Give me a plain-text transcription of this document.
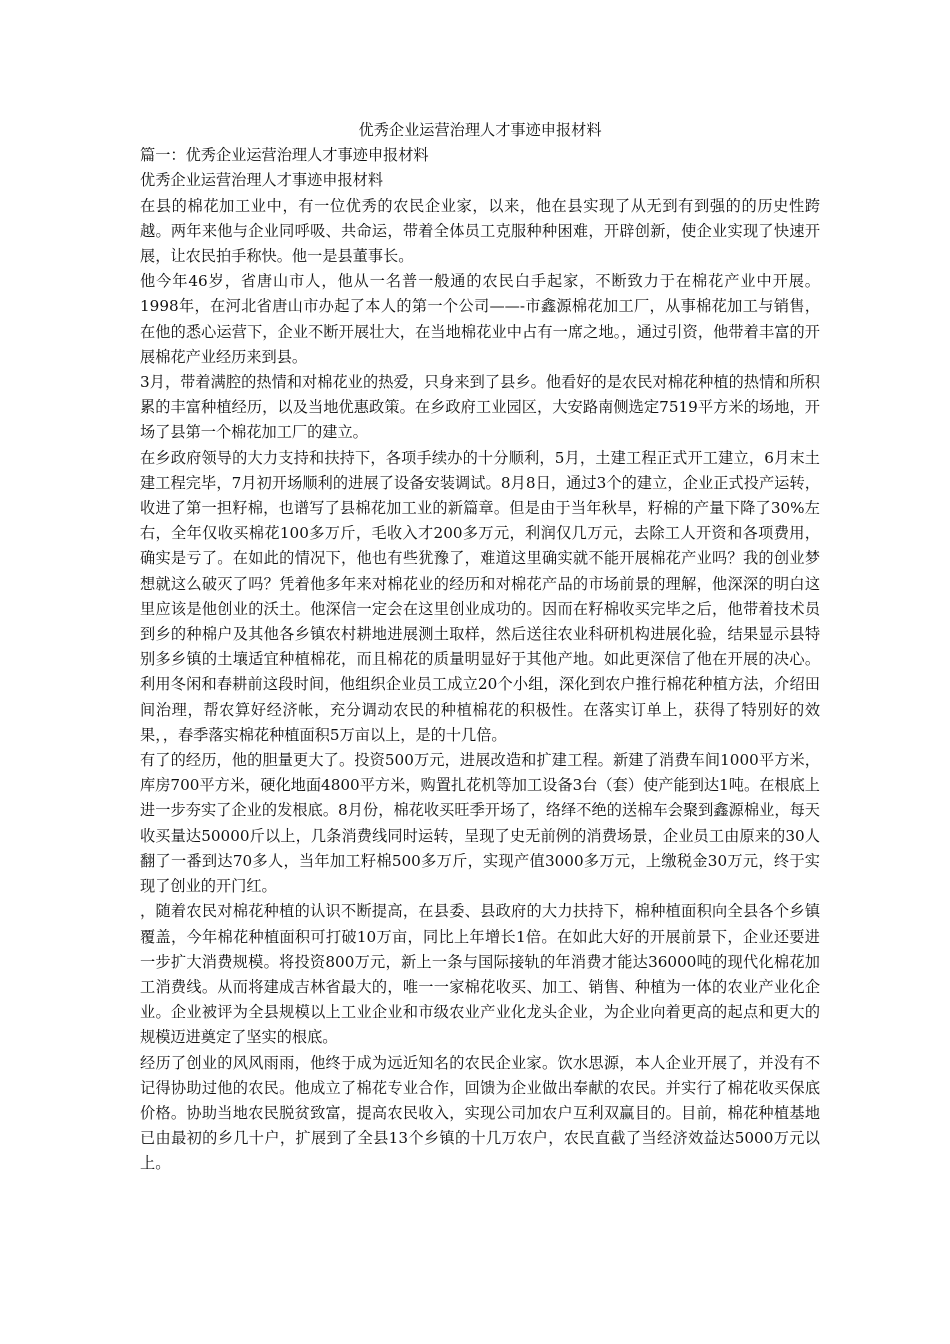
优秀企业运营治理人才事迹申报材料

篇一：优秀企业运营治理人才事迹申报材料

优秀企业运营治理人才事迹申报材料

在县的棉花加工业中，有一位优秀的农民企业家，以来，他在县实现了从无到有到强的的历史性跨越。两年来他与企业同呼吸、共命运，带着全体员工克服种种困难，开辟创新，使企业实现了快速开展，让农民拍手称快。他一是县董事长。

他今年46岁，省唐山市人，他从一名普一般通的农民白手起家，不断致力于在棉花产业中开展。1998年，在河北省唐山市办起了本人的第一个公司——-市鑫源棉花加工厂，从事棉花加工与销售，在他的悉心运营下，企业不断开展壮大，在当地棉花业中占有一席之地。，通过引资，他带着丰富的开展棉花产业经历来到县。

3月，带着满腔的热情和对棉花业的热爱，只身来到了县乡。他看好的是农民对棉花种植的热情和所积累的丰富种植经历，以及当地优惠政策。在乡政府工业园区，大安路南侧选定7519平方米的场地，开场了县第一个棉花加工厂的建立。

在乡政府领导的大力支持和扶持下，各项手续办的十分顺利，5月，土建工程正式开工建立，6月末土建工程完毕，7月初开场顺利的进展了设备安装调试。8月8日，通过3个的建立，企业正式投产运转，收进了第一担籽棉，也谱写了县棉花加工业的新篇章。但是由于当年秋旱，籽棉的产量下降了30%左右，全年仅收买棉花100多万斤，毛收入才200多万元，利润仅几万元，去除工人开资和各项费用，确实是亏了。在如此的情况下，他也有些犹豫了，难道这里确实就不能开展棉花产业吗？我的创业梦想就这么破灭了吗？凭着他多年来对棉花业的经历和对棉花产品的市场前景的理解，他深深的明白这里应该是他创业的沃土。他深信一定会在这里创业成功的。因而在籽棉收买完毕之后，他带着技术员到乡的种棉户及其他各乡镇农村耕地进展测土取样，然后送往农业科研机构进展化验，结果显示县特别多乡镇的土壤适宜种植棉花，而且棉花的质量明显好于其他产地。如此更深信了他在开展的决心。利用冬闲和春耕前这段时间，他组织企业员工成立20个小组，深化到农户推行棉花种植方法，介绍田间治理，帮农算好经济帐，充分调动农民的种植棉花的积极性。在落实订单上，获得了特别好的效果，，春季落实棉花种植面积5万亩以上，是的十几倍。

有了的经历，他的胆量更大了。投资500万元，进展改造和扩建工程。新建了消费车间1000平方米，库房700平方米，硬化地面4800平方米，购置扎花机等加工设备3台（套）使产能到达1吨。在根底上进一步夯实了企业的发根底。8月份，棉花收买旺季开场了，络绎不绝的送棉车会聚到鑫源棉业，每天收买量达50000斤以上，几条消费线同时运转，呈现了史无前例的消费场景，企业员工由原来的30人翻了一番到达70多人，当年加工籽棉500多万斤，实现产值3000多万元，上缴税金30万元，终于实现了创业的开门红。

，随着农民对棉花种植的认识不断提高，在县委、县政府的大力扶持下，棉种植面积向全县各个乡镇覆盖，今年棉花种植面积可打破10万亩，同比上年增长1倍。在如此大好的开展前景下，企业还要进一步扩大消费规模。将投资800万元，新上一条与国际接轨的年消费才能达36000吨的现代化棉花加工消费线。从而将建成吉林省最大的，唯一一家棉花收买、加工、销售、种植为一体的农业产业化企业。企业被评为全县规模以上工业企业和市级农业产业化龙头企业，为企业向着更高的起点和更大的规模迈进奠定了坚实的根底。

经历了创业的风风雨雨，他终于成为远近知名的农民企业家。饮水思源，本人企业开展了，并没有不记得协助过他的农民。他成立了棉花专业合作，回馈为企业做出奉献的农民。并实行了棉花收买保底价格。协助当地农民脱贫致富，提高农民收入，实现公司加农户互利双赢目的。目前，棉花种植基地已由最初的乡几十户，扩展到了全县13个乡镇的十几万农户，农民直截了当经济效益达5000万元以上。
